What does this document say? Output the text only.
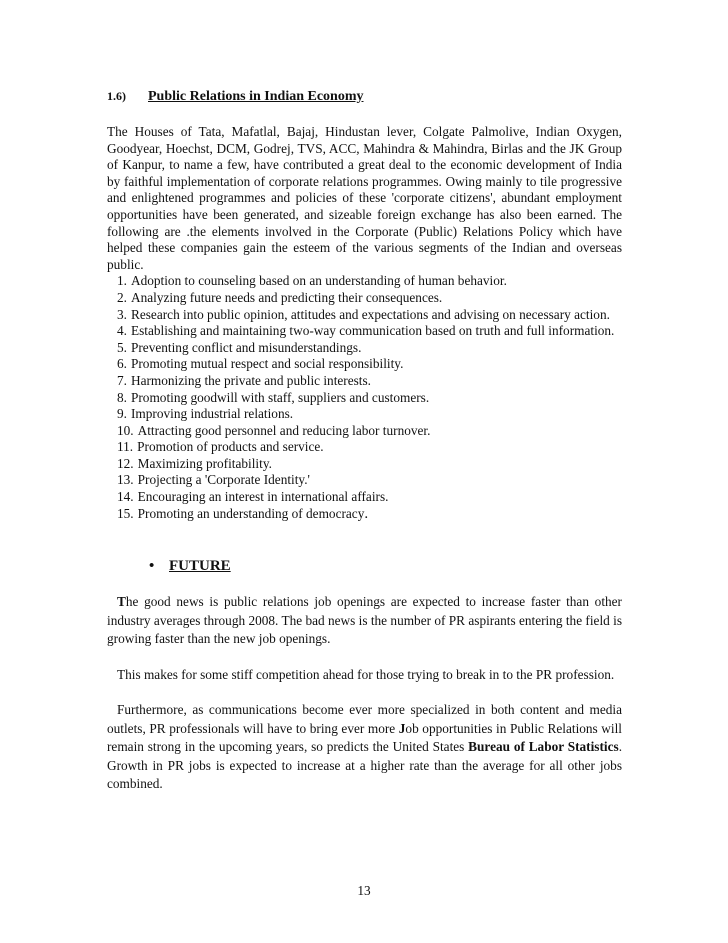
1.6) Public Relations in Indian Economy
The Houses of Tata, Mafatlal, Bajaj, Hindustan lever, Colgate Palmolive, Indian Oxygen, Goodyear, Hoechst, DCM, Godrej, TVS, ACC, Mahindra & Mahindra, Birlas and the JK Group of Kanpur, to name a few, have contributed a great deal to the economic development of India by faithful implementation of corporate relations programmes. Owing mainly to tile progressive and enlightened programmes and policies of these 'corporate citizens', abundant employment opportunities have been generated, and sizeable foreign exchange has also been earned. The following are .the elements involved in the Corporate (Public) Relations Policy which have helped these companies gain the esteem of the various segments of the Indian and overseas public.
1. Adoption to counseling based on an understanding of human behavior.
2. Analyzing future needs and predicting their consequences.
3. Research into public opinion, attitudes and expectations and advising on necessary action.
4. Establishing and maintaining two-way communication based on truth and full information.
5. Preventing conflict and misunderstandings.
6. Promoting mutual respect and social responsibility.
7. Harmonizing the private and public interests.
8. Promoting goodwill with staff, suppliers and customers.
9. Improving industrial relations.
10. Attracting good personnel and reducing labor turnover.
11. Promotion of products and service.
12. Maximizing profitability.
13. Projecting a 'Corporate Identity.'
14. Encouraging an interest in international affairs.
15. Promoting an understanding of democracy .
• FUTURE

The good news is public relations job openings are expected to increase faster than other industry averages through 2008. The bad news is the number of PR aspirants entering the field is growing faster than the new job openings.

This makes for some stiff competition ahead for those trying to break in to the PR profession.

Furthermore, as communications become ever more specialized in both content and media outlets, PR professionals will have to bring ever more Job opportunities in Public Relations will remain strong in the upcoming years, so predicts the United States Bureau of Labor Statistics. Growth in PR jobs is expected to increase at a higher rate than the average for all other jobs combined.

13
